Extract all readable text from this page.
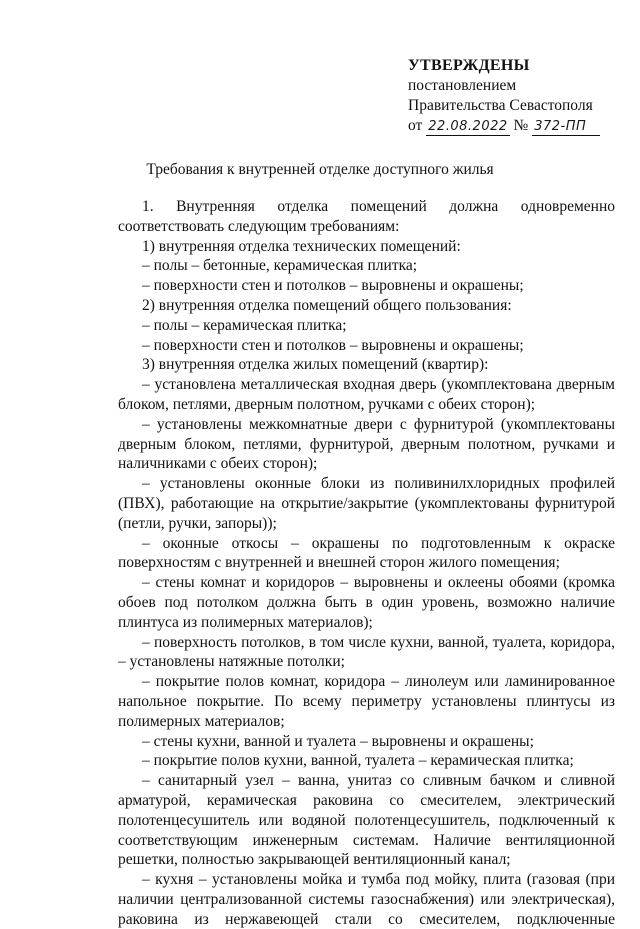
УТВЕРЖДЕНЫ
постановлением
Правительства Севастополя
от 22.08.2022 № 372-ПП
Требования к внутренней отделке доступного жилья

1. Внутренняя отделка помещений должна одновременно соответствовать следующим требованиям:

1) внутренняя отделка технических помещений:

– полы – бетонные, керамическая плитка;

– поверхности стен и потолков – выровнены и окрашены;

2) внутренняя отделка помещений общего пользования:

– полы – керамическая плитка;

– поверхности стен и потолков – выровнены и окрашены;

3) внутренняя отделка жилых помещений (квартир):

– установлена металлическая входная дверь (укомплектована дверным блоком, петлями, дверным полотном, ручками с обеих сторон);

– установлены межкомнатные двери с фурнитурой (укомплектованы дверным блоком, петлями, фурнитурой, дверным полотном, ручками и наличниками с обеих сторон);

– установлены оконные блоки из поливинилхлоридных профилей (ПВХ), работающие на открытие/закрытие (укомплектованы фурнитурой (петли, ручки, запоры));

– оконные откосы – окрашены по подготовленным к окраске поверхностям с внутренней и внешней сторон жилого помещения;

– стены комнат и коридоров – выровнены и оклеены обоями (кромка обоев под потолком должна быть в один уровень, возможно наличие плинтуса из полимерных материалов);

– поверхность потолков, в том числе кухни, ванной, туалета, коридора, – установлены натяжные потолки;

– покрытие полов комнат, коридора – линолеум или ламинированное напольное покрытие. По всему периметру установлены плинтусы из полимерных материалов;

– стены кухни, ванной и туалета – выровнены и окрашены;

– покрытие полов кухни, ванной, туалета – керамическая плитка;

– санитарный узел – ванна, унитаз со сливным бачком и сливной арматурой, керамическая раковина со смесителем, электрический полотенцесушитель или водяной полотенцесушитель, подключенный к соответствующим инженерным системам. Наличие вентиляционной решетки, полностью закрывающей вентиляционный канал;

– кухня – установлены мойка и тумба под мойку, плита (газовая (при наличии централизованной системы газоснабжения) или электрическая), раковина из нержавеющей стали со смесителем, подключенные
